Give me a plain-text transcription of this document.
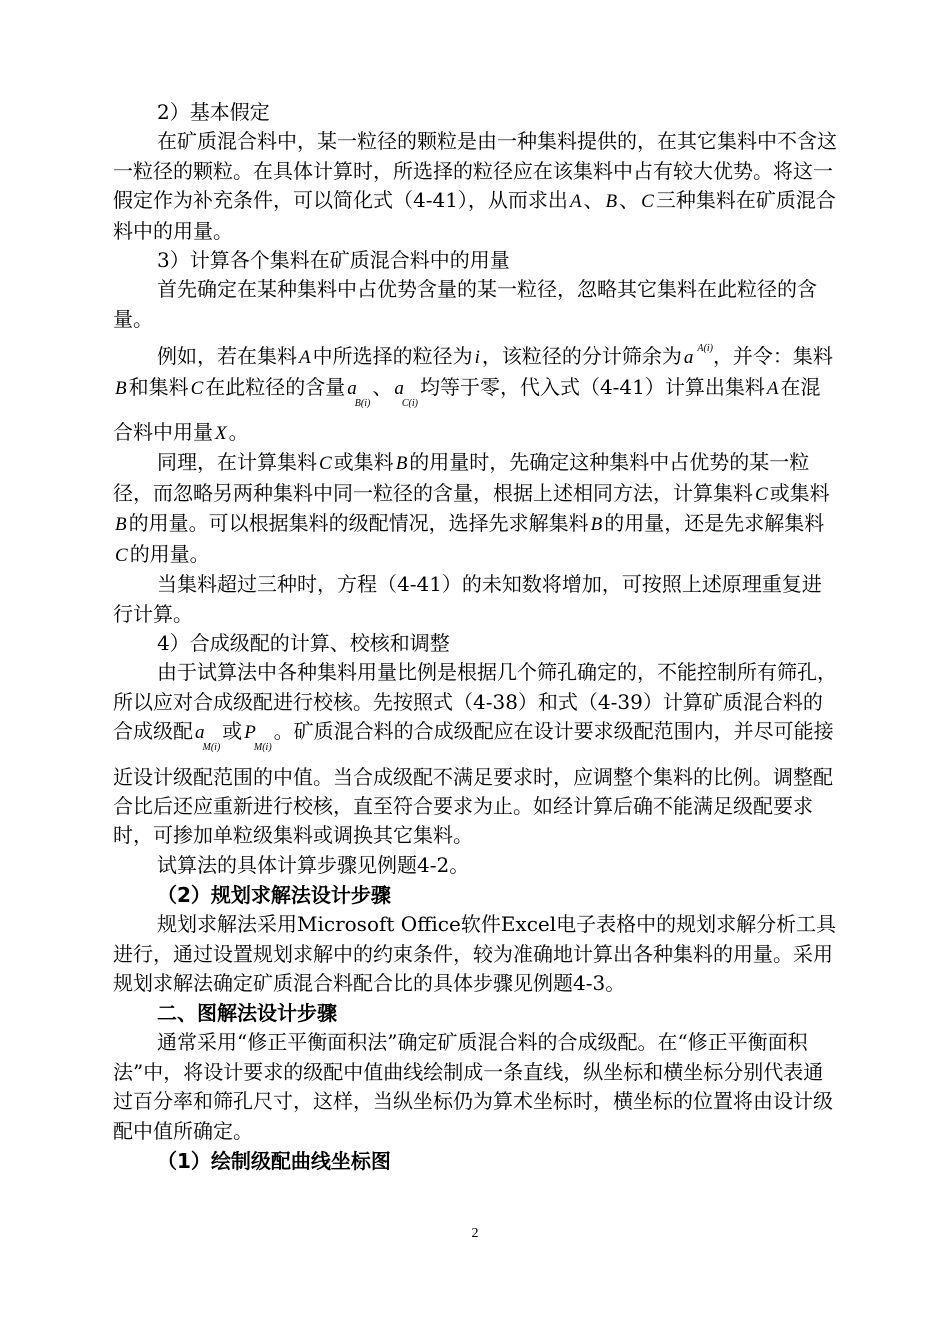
2）基本假定

在矿质混合料中，某一粒径的颗粒是由一种集料提供的，在其它集料中不含这一粒径的颗粒。在具体计算时，所选择的粒径应在该集料中占有较大优势。将这一假定作为补充条件，可以简化式（4-41），从而求出 A 、 B 、 C 三种集料在矿质混合料中的用量。

3）计算各个集料在矿质混合料中的用量

首先确定在某种集料中占优势含量的某一粒径，忽略其它集料在此粒径的含量。

例如，若在集料 A 中所选择的粒径为 i ，该粒径的分计筛余为 a $^{A(i)}$，并令：集料B 和集料 C 在此粒径的含量 $a_{B(i)}$、 $a_{C(i)}$均等于零，代入式（4-41）计算出集料 A 在混合料中用量 X 。

同理，在计算集料 C 或集料 B 的用量时，先确定这种集料中占优势的某一粒径，而忽略另两种集料中同一粒径的含量，根据上述相同方法，计算集料 C 或集料B 的用量。可以根据集料的级配情况，选择先求解集料 B 的用量，还是先求解集料C 的用量。

当集料超过三种时，方程（4-41）的未知数将增加，可按照上述原理重复进行计算。

4）合成级配的计算、校核和调整

由于试算法中各种集料用量比例是根据几个筛孔确定的，不能控制所有筛孔，所以应对合成级配进行校核。先按照式（4-38）和式（4-39）计算矿质混合料的合成级配 $a_{M(i)}$或 $P_{M(i)}$。矿质混合料的合成级配应在设计要求级配范围内，并尽可能接近设计级配范围的中值。当合成级配不满足要求时，应调整个集料的比例。调整配合比后还应重新进行校核，直至符合要求为止。如经计算后确不能满足级配要求时，可掺加单粒级集料或调换其它集料。

试算法的具体计算步骤见例题4-2。

（2）规划求解法设计步骤

规划求解法采用Microsoft Office软件Excel电子表格中的规划求解分析工具进行，通过设置规划求解中的约束条件，较为准确地计算出各种集料的用量。采用规划求解法确定矿质混合料配合比的具体步骤见例题4-3。

二、图解法设计步骤

通常采用“修正平衡面积法”确定矿质混合料的合成级配。在“修正平衡面积法”中，将设计要求的级配中值曲线绘制成一条直线，纵坐标和横坐标分别代表通过百分率和筛孔尺寸，这样，当纵坐标仍为算术坐标时，横坐标的位置将由设计级配中值所确定。

（1）绘制级配曲线坐标图

2
